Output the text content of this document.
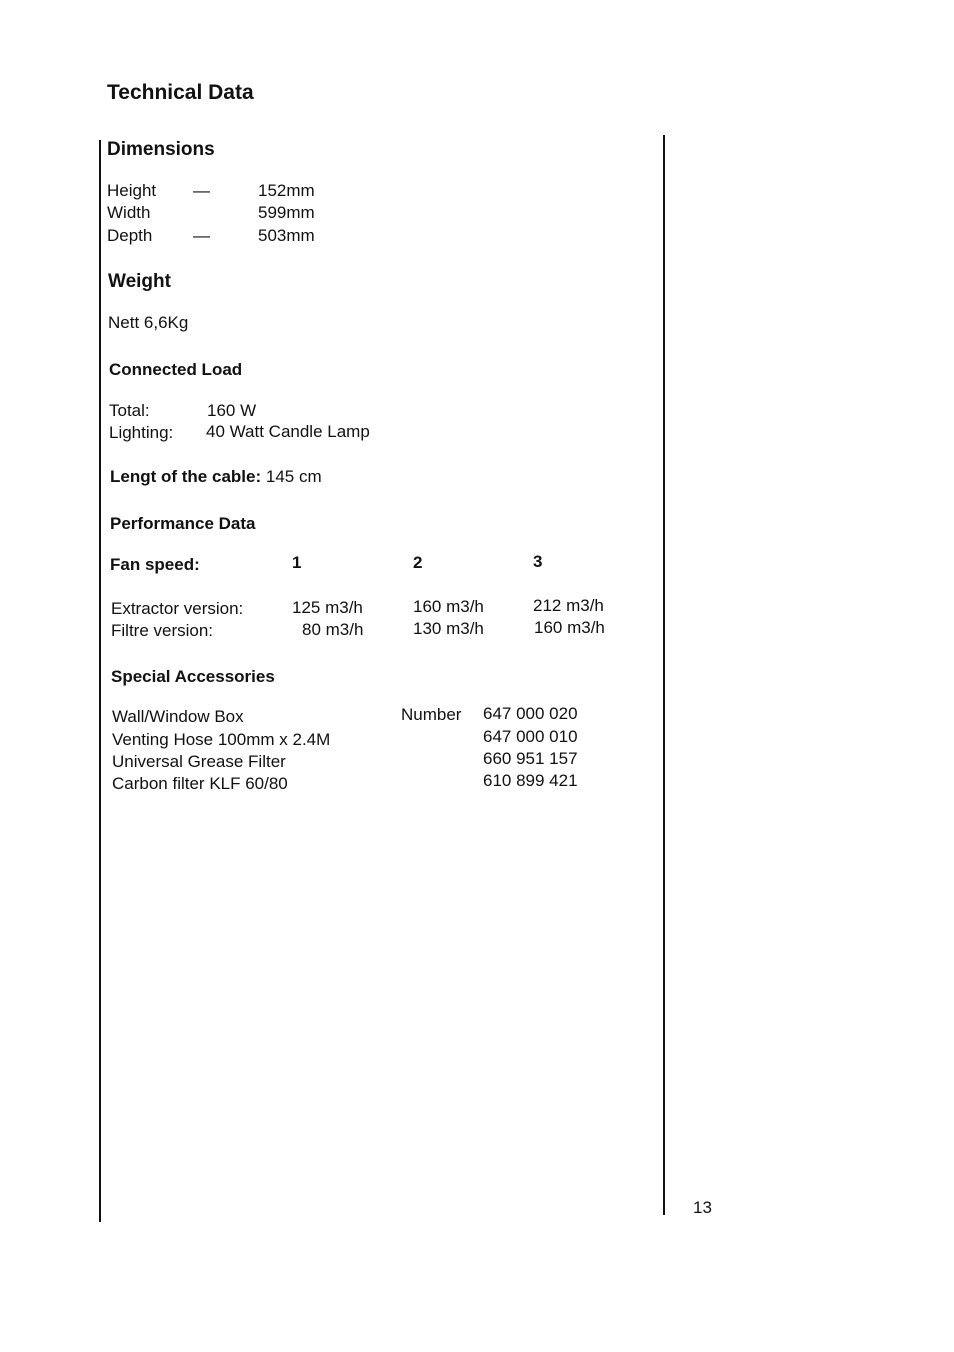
Technical Data
Dimensions
Height —	152mm
Width	599mm
Depth —	503mm
Weight
Nett 6,6Kg
Connected Load
Total:	160 W
Lighting: 40 Watt Candle Lamp
Lengt of the cable: 145 cm
Performance Data
Fan speed:	1	2	3
Extractor version:	125 m3/h	160 m3/h	212 m3/h
Filtre version:	80 m3/h	130 m3/h	160 m3/h
Special Accessories
Number
Wall/Window Box	647 000 020
Venting Hose 100mm x 2.4M	647 000 010
Universal Grease Filter	660 951 157
Carbon filter KLF 60/80	610 899 421
13
